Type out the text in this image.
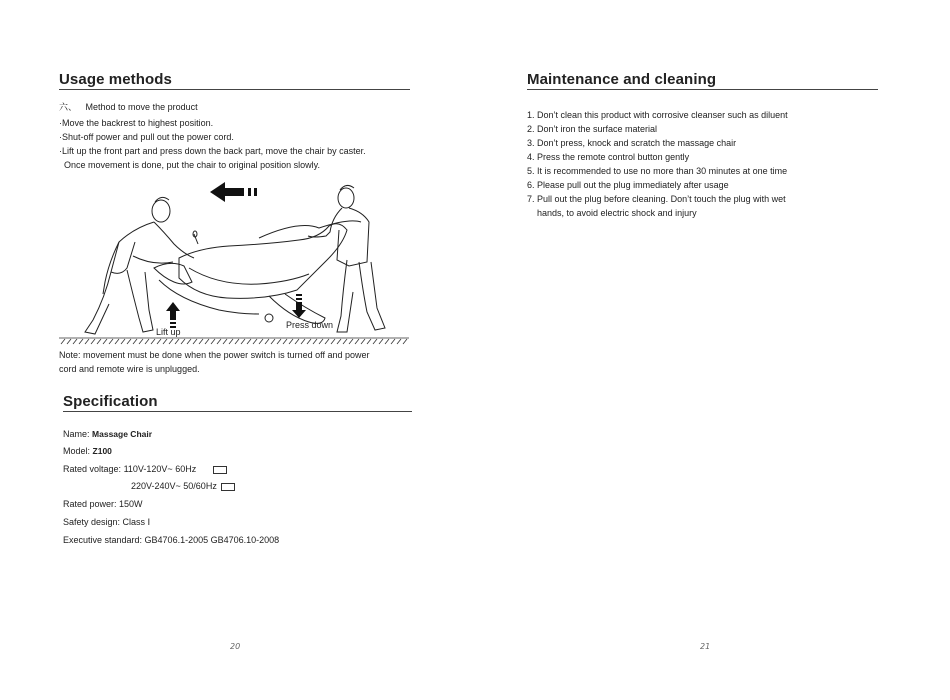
Usage methods
六、 Method to move the product
·Move the backrest to highest position.
·Shut-off power and pull out the power cord.
·Lift up the front part and press down the back part, move the chair by caster.
Once movement is done, put the chair to original position slowly.
Lift up
Press down
Note: movement must be done when the power switch is turned off and power
cord and remote wire is unplugged.
Specification
Name: Massage Chair
Model: Z100
Rated voltage: 110V-120V~ 60Hz
220V-240V~ 50/60Hz
Rated power: 150W
Safety design: Class Ⅰ
Executive standard: GB4706.1-2005 GB4706.10-2008
20
Maintenance and cleaning
1. Don’t clean this product with corrosive cleanser such as diluent
2. Don’t iron the surface material
3. Don’t press, knock and scratch the massage chair
4. Press the remote control button gently
5. It is recommended to use no more than 30 minutes at one time
6. Please pull out the plug immediately after usage
7. Pull out the plug before cleaning. Don’t touch the plug with wet
hands, to avoid electric shock and injury
21
